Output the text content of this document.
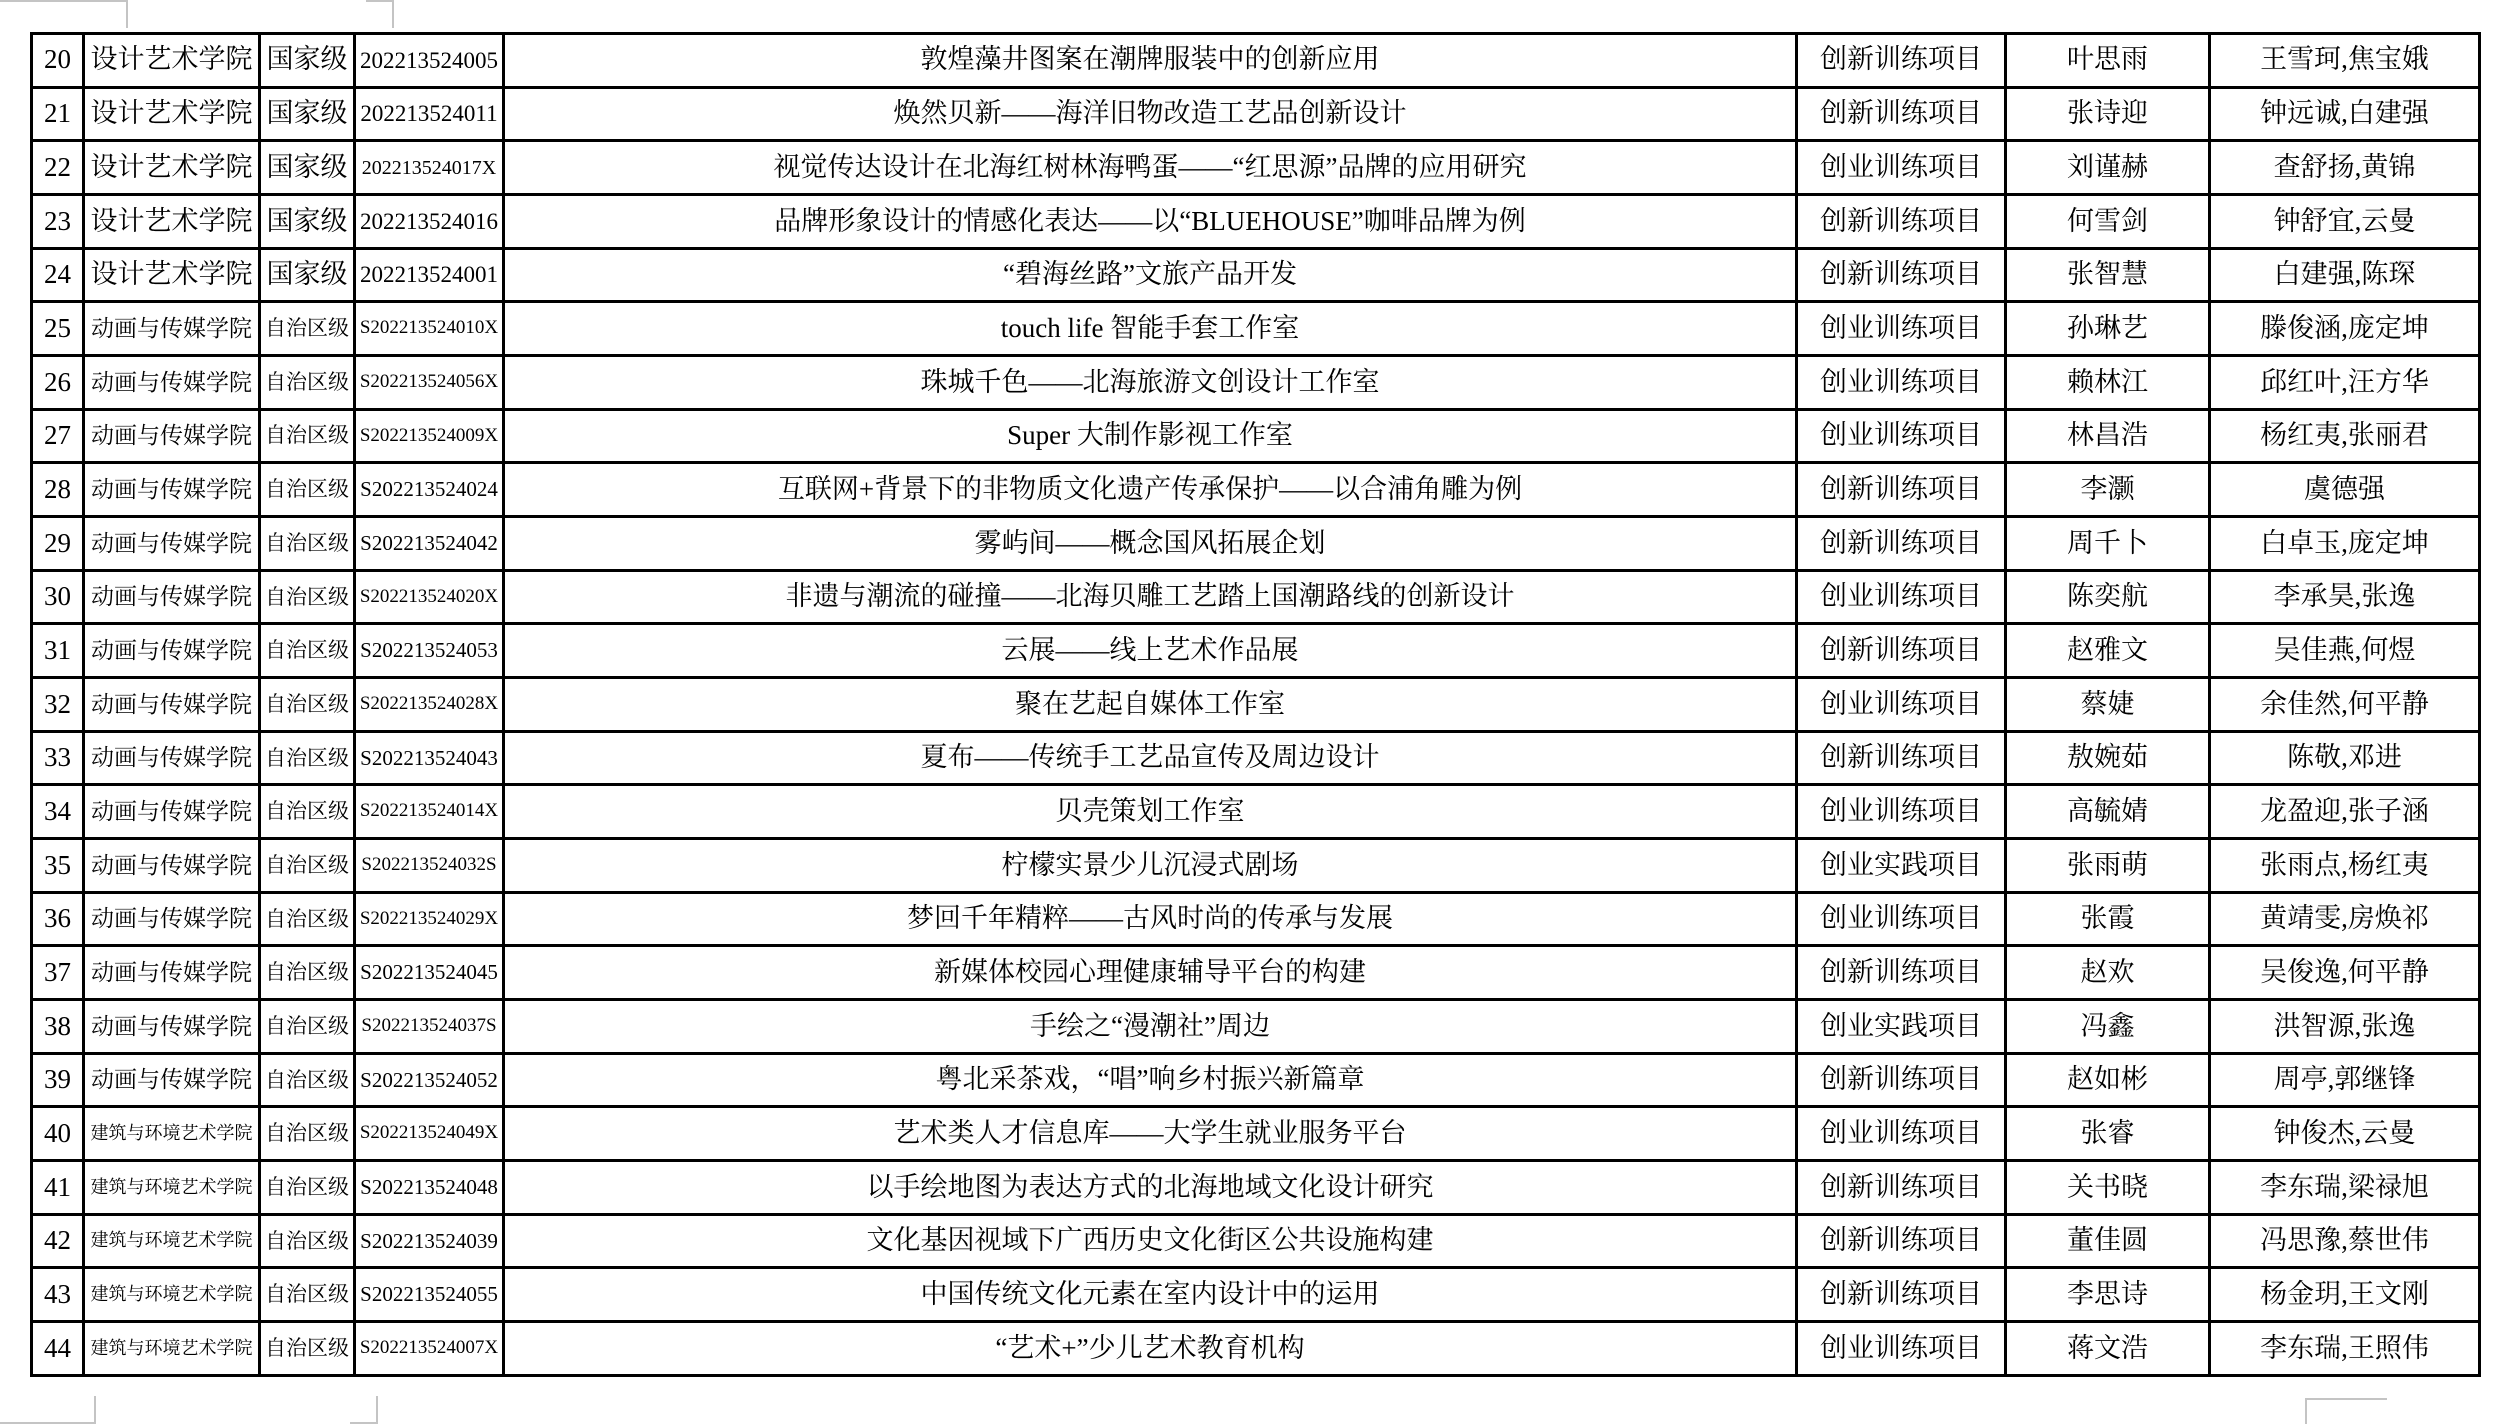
20	设计艺术学院	国家级	202213524005	敦煌藻井图案在潮牌服装中的创新应用	创新训练项目	叶思雨	王雪珂,焦宝娥
21	设计艺术学院	国家级	202213524011	焕然贝新——海洋旧物改造工艺品创新设计	创新训练项目	张诗迎	钟远诚,白建强
22	设计艺术学院	国家级	202213524017X	视觉传达设计在北海红树林海鸭蛋——“红思源”品牌的应用研究	创业训练项目	刘谨赫	查舒扬,黄锦
23	设计艺术学院	国家级	202213524016	品牌形象设计的情感化表达——以“BLUEHOUSE”咖啡品牌为例	创新训练项目	何雪剑	钟舒宜,云曼
24	设计艺术学院	国家级	202213524001	“碧海丝路”文旅产品开发	创新训练项目	张智慧	白建强,陈琛
25	动画与传媒学院	自治区级	S202213524010X	touch life 智能手套工作室	创业训练项目	孙琳艺	滕俊涵,庞定坤
26	动画与传媒学院	自治区级	S202213524056X	珠城千色——北海旅游文创设计工作室	创业训练项目	赖林江	邱红叶,汪方华
27	动画与传媒学院	自治区级	S202213524009X	Super 大制作影视工作室	创业训练项目	林昌浩	杨红夷,张丽君
28	动画与传媒学院	自治区级	S202213524024	互联网+背景下的非物质文化遗产传承保护——以合浦角雕为例	创新训练项目	李灏	虞德强
29	动画与传媒学院	自治区级	S202213524042	雾屿间——概念国风拓展企划	创新训练项目	周千卜	白卓玉,庞定坤
30	动画与传媒学院	自治区级	S202213524020X	非遗与潮流的碰撞——北海贝雕工艺踏上国潮路线的创新设计	创业训练项目	陈奕航	李承昊,张逸
31	动画与传媒学院	自治区级	S202213524053	云展——线上艺术作品展	创新训练项目	赵雅文	吴佳燕,何煜
32	动画与传媒学院	自治区级	S202213524028X	聚在艺起自媒体工作室	创业训练项目	蔡婕	余佳然,何平静
33	动画与传媒学院	自治区级	S202213524043	夏布——传统手工艺品宣传及周边设计	创新训练项目	敖婉茹	陈敬,邓进
34	动画与传媒学院	自治区级	S202213524014X	贝壳策划工作室	创业训练项目	高毓婧	龙盈迎,张子涵
35	动画与传媒学院	自治区级	S202213524032S	柠檬实景少儿沉浸式剧场	创业实践项目	张雨萌	张雨点,杨红夷
36	动画与传媒学院	自治区级	S202213524029X	梦回千年精粹——古风时尚的传承与发展	创业训练项目	张霞	黄靖雯,房焕祁
37	动画与传媒学院	自治区级	S202213524045	新媒体校园心理健康辅导平台的构建	创新训练项目	赵欢	吴俊逸,何平静
38	动画与传媒学院	自治区级	S202213524037S	手绘之“漫潮社”周边	创业实践项目	冯鑫	洪智源,张逸
39	动画与传媒学院	自治区级	S202213524052	粤北采茶戏，“唱”响乡村振兴新篇章	创新训练项目	赵如彬	周亭,郭继锋
40	建筑与环境艺术学院	自治区级	S202213524049X	艺术类人才信息库——大学生就业服务平台	创业训练项目	张睿	钟俊杰,云曼
41	建筑与环境艺术学院	自治区级	S202213524048	以手绘地图为表达方式的北海地域文化设计研究	创新训练项目	关书晓	李东瑞,梁禄旭
42	建筑与环境艺术学院	自治区级	S202213524039	文化基因视域下广西历史文化街区公共设施构建	创新训练项目	董佳圆	冯思豫,蔡世伟
43	建筑与环境艺术学院	自治区级	S202213524055	中国传统文化元素在室内设计中的运用	创新训练项目	李思诗	杨金玥,王文刚
44	建筑与环境艺术学院	自治区级	S202213524007X	“艺术+”少儿艺术教育机构	创业训练项目	蒋文浩	李东瑞,王照伟
